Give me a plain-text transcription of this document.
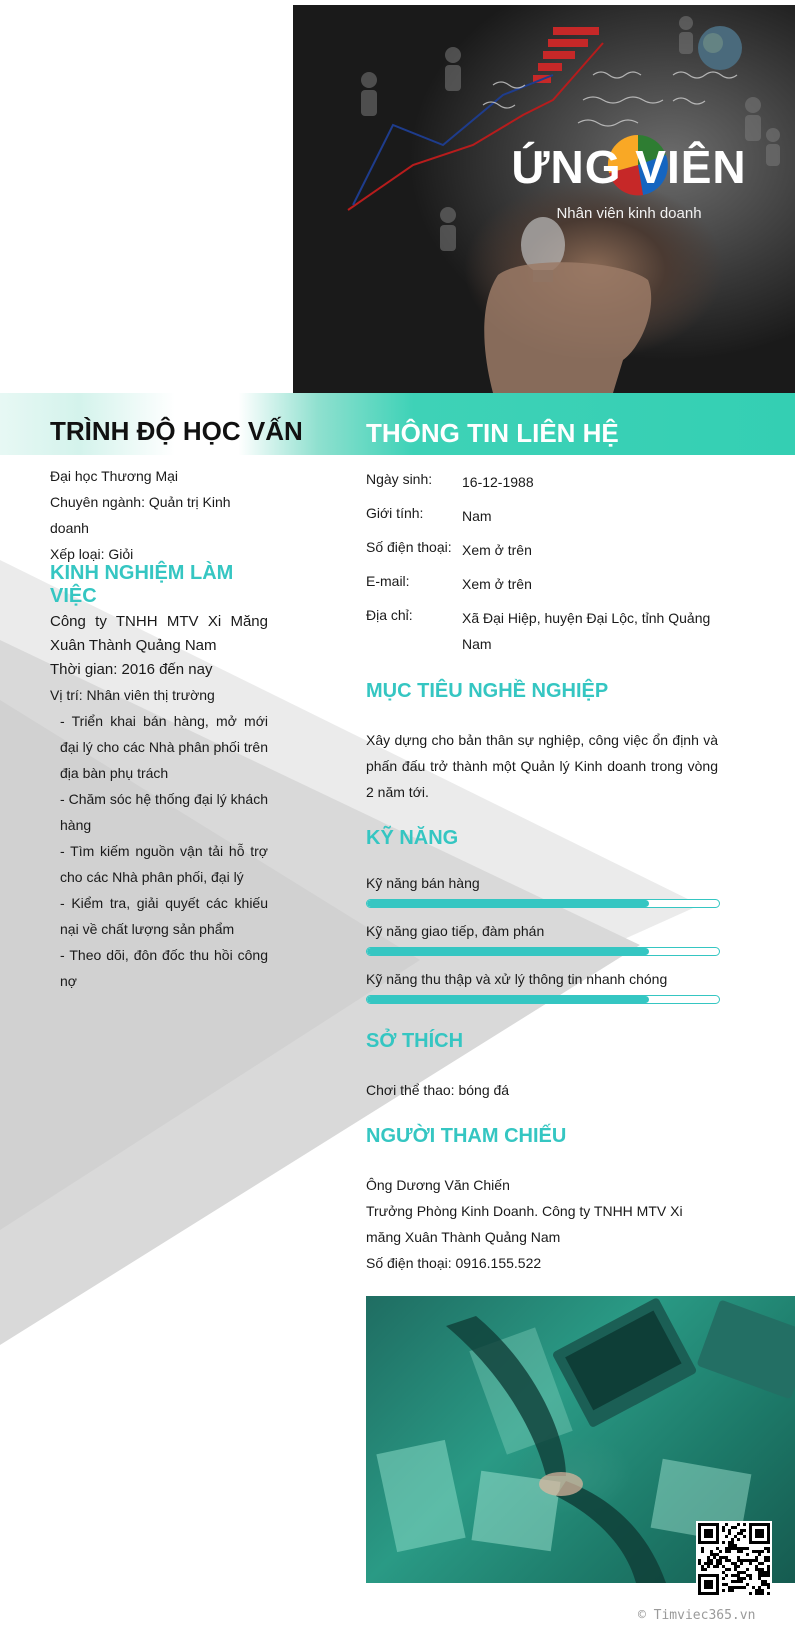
ỨNG VIÊN
Nhân viên kinh doanh
TRÌNH ĐỘ HỌC VẤN THÔNG TIN LIÊN HỆ
Đại học Thương Mại
Chuyên ngành: Quản trị Kinh doanh
Xếp loại: Giỏi
KINH NGHIỆM LÀM VIỆC
Công ty TNHH MTV Xi Măng Xuân Thành Quảng Nam
Thời gian: 2016 đến nay
Vị trí: Nhân viên thị trường
- Triển khai bán hàng, mở mới đại lý cho các Nhà phân phối trên địa bàn phụ trách
- Chăm sóc hệ thống đại lý khách hàng
- Tìm kiếm nguồn vận tải hỗ trợ cho các Nhà phân phối, đại lý
- Kiểm tra, giải quyết các khiếu nại về chất lượng sản phẩm
- Theo dõi, đôn đốc thu hồi công nợ
Ngày sinh:	16-12-1988
Giới tính:	Nam
Số điện thoại: Xem ở trên
E-mail:	Xem ở trên
Địa chỉ:	Xã Đại Hiệp, huyện Đại Lộc, tỉnh Quảng Nam
MỤC TIÊU NGHỀ NGHIỆP
Xây dựng cho bản thân sự nghiệp, công việc ổn định và phấn đấu trở thành một Quản lý Kinh doanh trong vòng 2 năm tới.
KỸ NĂNG
Kỹ năng bán hàng
Kỹ năng giao tiếp, đàm phán
Kỹ năng thu thập và xử lý thông tin nhanh chóng
SỞ THÍCH
Chơi thể thao: bóng đá
NGƯỜI THAM CHIẾU
Ông Dương Văn Chiến
Trưởng Phòng Kinh Doanh. Công ty TNHH MTV Xi măng Xuân Thành Quảng Nam
Số điện thoại: 0916.155.522
© Timviec365.vn
